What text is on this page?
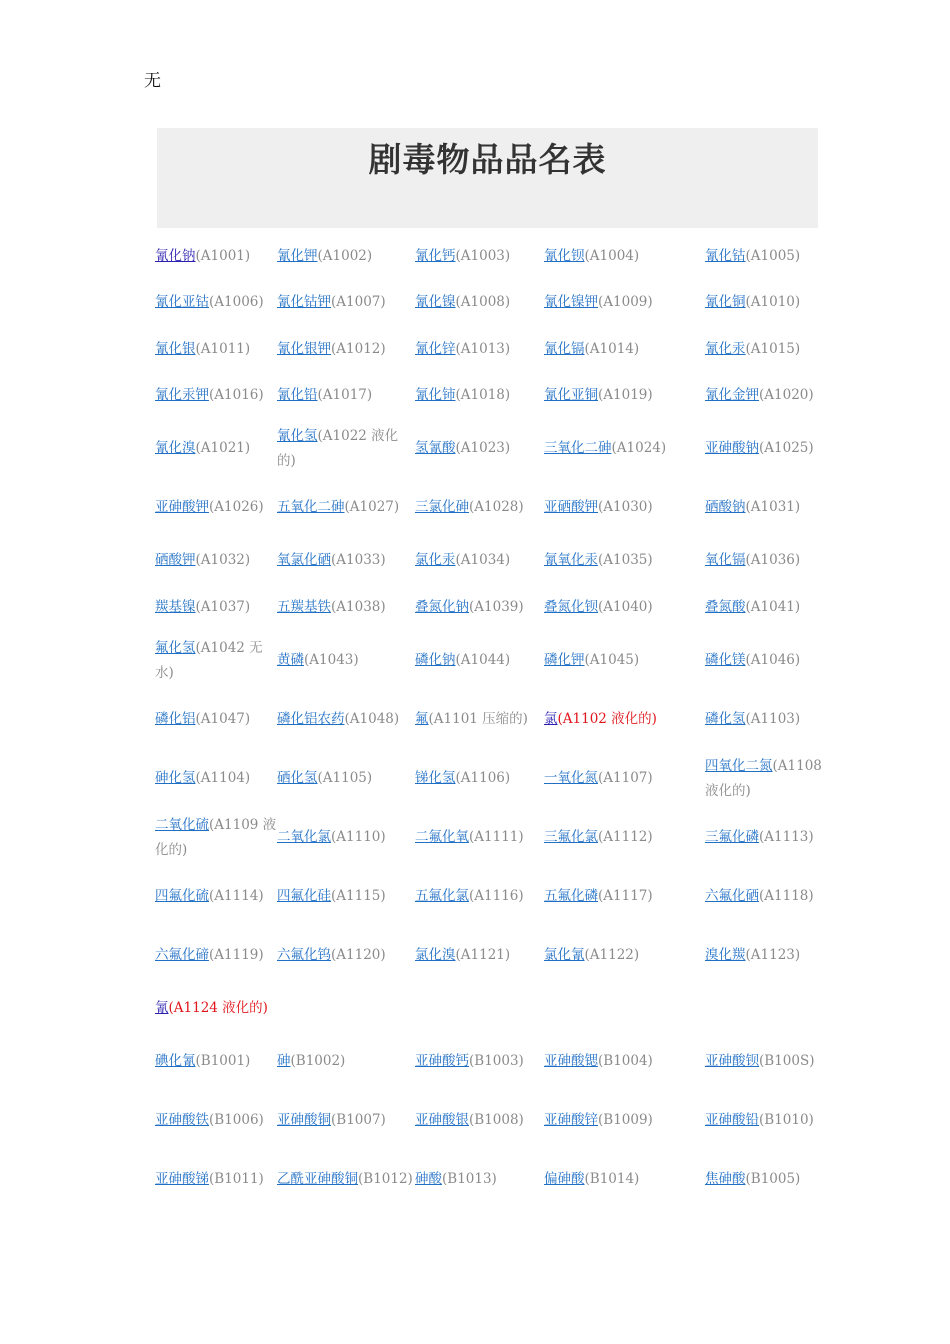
无
剧毒物品品名表
氰化钠(A1001)	氰化钾(A1002)	氰化钙(A1003)	氰化钡(A1004)	氰化钴(A1005)
氰化亚钴(A1006)	氰化钴钾(A1007)	氰化镍(A1008)	氰化镍钾(A1009)	氰化铜(A1010)
氰化银(A1011)	氰化银钾(A1012)	氰化锌(A1013)	氰化镉(A1014)	氰化汞(A1015)
氰化汞钾(A1016)	氰化铅(A1017)	氰化铈(A1018)	氰化亚铜(A1019)	氰化金钾(A1020)
氰化溴(A1021)	氰化氢(A1022 液化的)	氢氰酸(A1023)	三氧化二砷(A1024)	亚砷酸钠(A1025)
亚砷酸钾(A1026)	五氧化二砷(A1027)	三氯化砷(A1028)	亚硒酸钾(A1030)	硒酸钠(A1031)
硒酸钾(A1032)	氧氯化硒(A1033)	氯化汞(A1034)	氰氧化汞(A1035)	氧化镉(A1036)
羰基镍(A1037)	五羰基铁(A1038)	叠氮化钠(A1039)	叠氮化钡(A1040)	叠氮酸(A1041)
氟化氢(A1042 无水)	黄磷(A1043)	磷化钠(A1044)	磷化钾(A1045)	磷化镁(A1046)
磷化铝(A1047)	磷化铝农药(A1048)	氟(A1101 压缩的)	氯(A1102 液化的)	磷化氢(A1103)
砷化氢(A1104)	硒化氢(A1105)	锑化氢(A1106)	一氧化氮(A1107)	四氧化二氮(A1108 液化的)
二氧化硫(A1109 液化的)	二氧化氯(A1110)	二氟化氧(A1111)	三氟化氯(A1112)	三氟化磷(A1113)
四氟化硫(A1114)	四氟化硅(A1115)	五氟化氯(A1116)	五氟化磷(A1117)	六氟化硒(A1118)
六氟化碲(A1119)	六氟化钨(A1120)	氯化溴(A1121)	氯化氰(A1122)	溴化羰(A1123)
氰(A1124 液化的)				
碘化氰(B1001)	砷(B1002)	亚砷酸钙(B1003)	亚砷酸锶(B1004)	亚砷酸钡(B100S)
亚砷酸铁(B1006)	亚砷酸铜(B1007)	亚砷酸银(B1008)	亚砷酸锌(B1009)	亚砷酸铅(B1010)
亚砷酸锑(B1011)	乙酰亚砷酸铜(B1012)	砷酸(B1013)	偏砷酸(B1014)	焦砷酸(B1005)
